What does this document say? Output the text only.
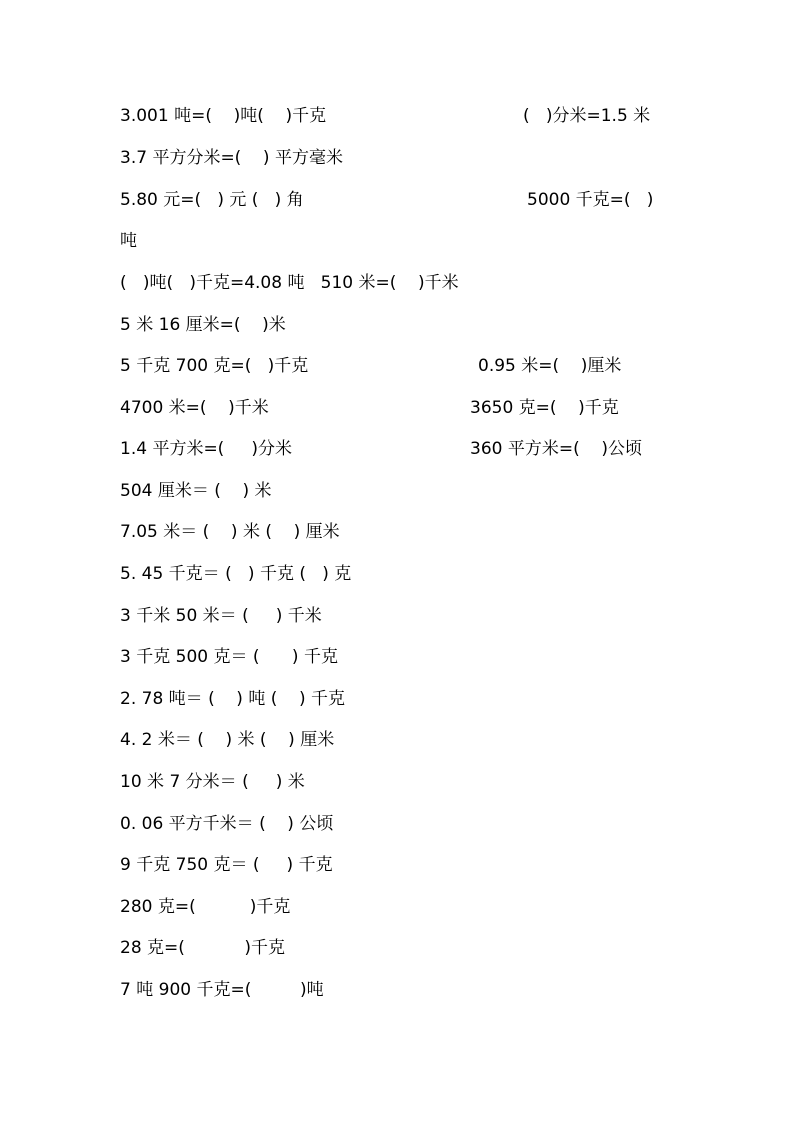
3.001 吨=(    )吨(    )千克	(   )分米=1.5 米
3.7 平方分米=(    ) 平方毫米
5.80 元=(   ) 元 (   ) 角	5000 千克=(   )
吨
(   )吨(   )千克=4.08 吨   510 米=(    )千米
5 米 16 厘米=(    )米
5 千克 700 克=(   )千克	0.95 米=(    )厘米
4700 米=(    )千米	3650 克=(    )千克
1.4 平方米=(     )分米	360 平方米=(    )公顷
504 厘米＝ (    ) 米
7.05 米＝ (    ) 米 (    ) 厘米
5. 45 千克＝ (   ) 千克 (   ) 克
3 千米 50 米＝ (     ) 千米
3 千克 500 克＝ (      ) 千克
2. 78 吨＝ (    ) 吨 (    ) 千克
4. 2 米＝ (    ) 米 (    ) 厘米
10 米 7 分米＝ (     ) 米
0. 06 平方千米＝ (    ) 公顷
9 千克 750 克＝ (     ) 千克
280 克=(          )千克
28 克=(           )千克
7 吨 900 千克=(         )吨
